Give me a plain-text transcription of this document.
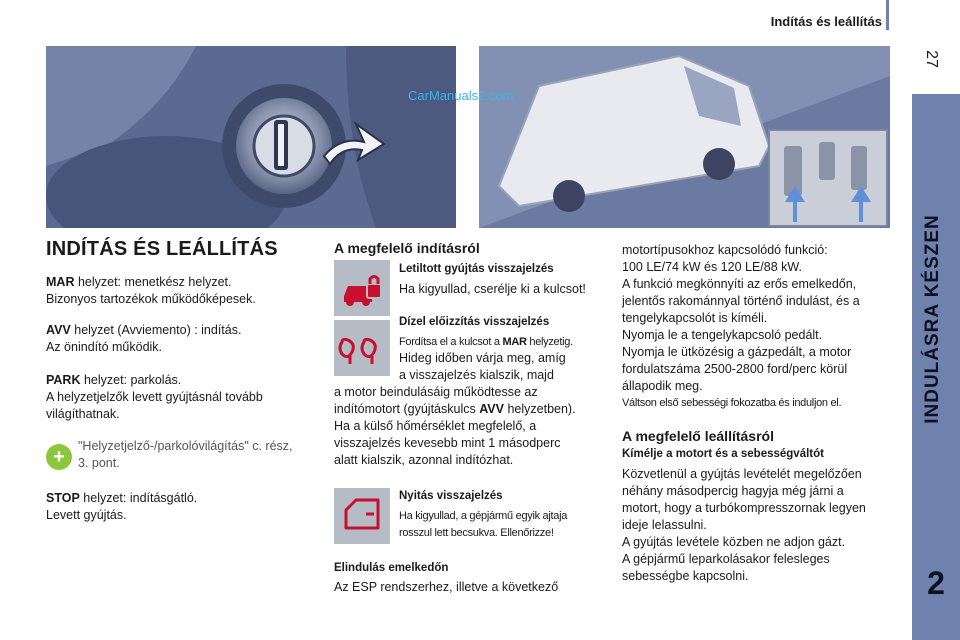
Indítás és leállítás
27
INDULÁSRA KÉSZEN
2
CarManuals2.com
INDÍTÁS ÉS LEÁLLÍTÁS
MAR helyzet: menetkész helyzet.
Bizonyos tartozékok működőképesek.
AVV helyzet (Avviemento) : indítás.
Az önindító működik.
PARK helyzet: parkolás.
A helyzetjelzők levett gyújtásnál tovább
világíthatnak.
+	"Helyzetjelző-/parkolóvilágítás" c. rész,
3. pont.
STOP helyzet: indításgátló.
Levett gyújtás.
A megfelelő indításról
Letiltott gyújtás visszajelzés
Ha kigyullad, cserélje ki a kulcsot!
Dízel előizzítás visszajelzés
Fordítsa el a kulcsot a MAR helyzetig.
Hideg időben várja meg, amíg
a visszajelzés kialszik, majd
a motor beindulásáig működtesse az
indítómotort (gyújtáskulcs AVV helyzetben).
Ha a külső hőmérséklet megfelelő, a
visszajelzés kevesebb mint 1 másodperc
alatt kialszik, azonnal indítózhat.
Nyitás visszajelzés
Ha kigyullad, a gépjármű egyik ajtaja
rosszul lett becsukva. Ellenőrizze!
Elindulás emelkedőn
Az ESP rendszerhez, illetve a következő
motortípusokhoz kapcsolódó funkció:
100 LE/74 kW és 120 LE/88 kW.
A funkció megkönnyíti az erős emelkedőn,
jelentős rakománnyal történő indulást, és a
tengelykapcsolót is kíméli.
Nyomja le a tengelykapcsoló pedált.
Nyomja le ütközésig a gázpedált, a motor
fordulatszáma 2500-2800 ford/perc körül
állapodik meg.
Váltson első sebességi fokozatba és induljon el.
A megfelelő leállításról
Kímélje a motort és a sebességváltót
Közvetlenül a gyújtás levételét megelőzően
néhány másodpercig hagyja még járni a
motort, hogy a turbókompresszornak legyen
ideje lelassulni.
A gyújtás levétele közben ne adjon gázt.
A gépjármű leparkolásakor felesleges
sebességbe kapcsolni.
